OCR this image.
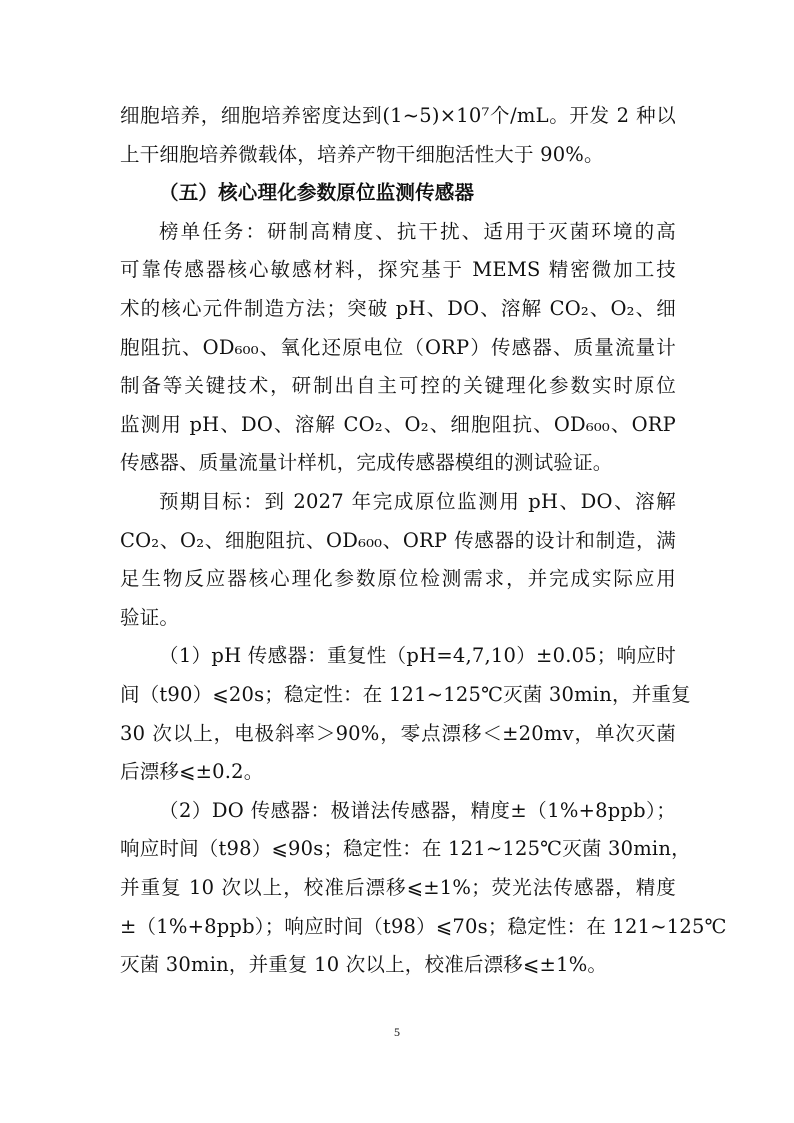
细胞培养，细胞培养密度达到(1~5)×10⁷个/mL。开发 2 种以
上干细胞培养微载体，培养产物干细胞活性大于 90%。
（五）核心理化参数原位监测传感器
榜单任务：研制高精度、抗干扰、适用于灭菌环境的高
可靠传感器核心敏感材料，探究基于 MEMS 精密微加工技
术的核心元件制造方法；突破 pH、DO、溶解 CO₂、O₂、细
胞阻抗、OD₆₀₀、氧化还原电位（ORP）传感器、质量流量计
制备等关键技术，研制出自主可控的关键理化参数实时原位
监测用 pH、DO、溶解 CO₂、O₂、细胞阻抗、OD₆₀₀、ORP
传感器、质量流量计样机，完成传感器模组的测试验证。
预期目标：到 2027 年完成原位监测用 pH、DO、溶解
CO₂、O₂、细胞阻抗、OD₆₀₀、ORP 传感器的设计和制造，满
足生物反应器核心理化参数原位检测需求，并完成实际应用
验证。
（1）pH 传感器：重复性（pH=4,7,10）±0.05；响应时
间（t90）⩽20s；稳定性：在 121~125℃灭菌 30min，并重复
30 次以上，电极斜率＞90%，零点漂移＜±20mv，单次灭菌
后漂移⩽±0.2。
（2）DO 传感器：极谱法传感器，精度±（1%+8ppb）；
响应时间（t98）⩽90s；稳定性：在 121~125℃灭菌 30min，
并重复 10 次以上，校准后漂移⩽±1%；荧光法传感器，精度
±（1%+8ppb）；响应时间（t98）⩽70s；稳定性：在 121~125℃
灭菌 30min，并重复 10 次以上，校准后漂移⩽±1%。
5
